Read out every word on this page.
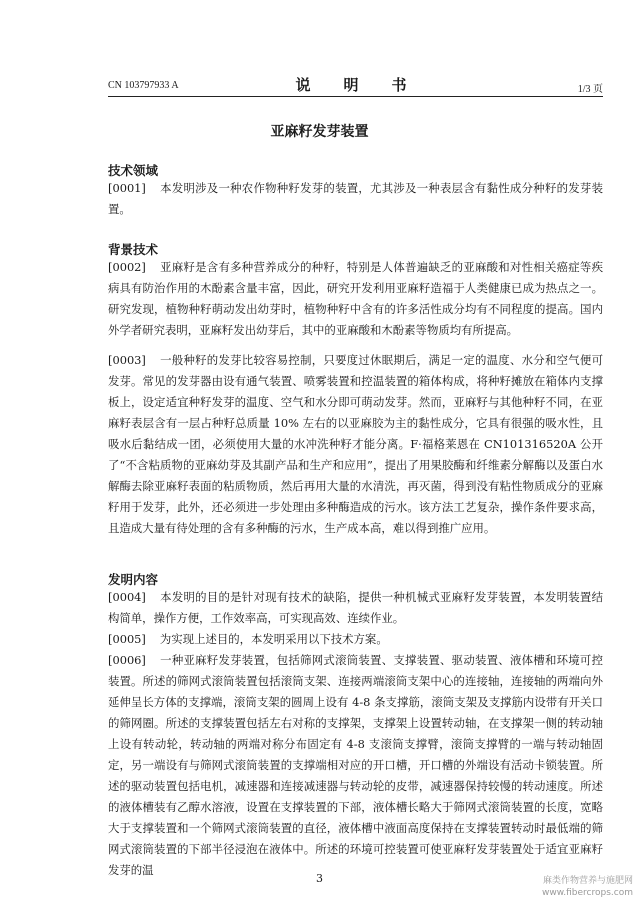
CN 103797933 A	说　明　书	1/3 页
亚麻籽发芽装置
技术领域
[0001] 本发明涉及一种农作物种籽发芽的装置，尤其涉及一种表层含有黏性成分种籽的发芽装置。
背景技术
[0002] 亚麻籽是含有多种营养成分的种籽，特别是人体普遍缺乏的亚麻酸和对性相关癌症等疾病具有防治作用的木酚素含量丰富，因此，研究开发利用亚麻籽造福于人类健康已成为热点之一。研究发现，植物种籽萌动发出幼芽时，植物种籽中含有的许多活性成分均有不同程度的提高。国内外学者研究表明，亚麻籽发出幼芽后，其中的亚麻酸和木酚素等物质均有所提高。
[0003] 一般种籽的发芽比较容易控制，只要度过休眠期后，满足一定的温度、水分和空气便可发芽。常见的发芽器由设有通气装置、喷雾装置和控温装置的箱体构成，将种籽摊放在箱体内支撑板上，设定适宜种籽发芽的温度、空气和水分即可萌动发芽。然而，亚麻籽与其他种籽不同，在亚麻籽表层含有一层占种籽总质量 10% 左右的以亚麻胶为主的黏性成分，它具有很强的吸水性，且吸水后黏结成一团，必须使用大量的水冲洗种籽才能分离。F·福格莱恩在 CN101316520A 公开了“不含粘质物的亚麻幼芽及其副产品和生产和应用”，提出了用果胶酶和纤维素分解酶以及蛋白水解酶去除亚麻籽表面的粘质物质，然后再用大量的水清洗，再灭菌，得到没有粘性物质成分的亚麻籽用于发芽，此外，还必须进一步处理由多种酶造成的污水。该方法工艺复杂，操作条件要求高，且造成大量有待处理的含有多种酶的污水，生产成本高，难以得到推广应用。
发明内容
[0004] 本发明的目的是针对现有技术的缺陷，提供一种机械式亚麻籽发芽装置，本发明装置结构简单，操作方便，工作效率高，可实现高效、连续作业。
[0005] 为实现上述目的，本发明采用以下技术方案。
[0006] 一种亚麻籽发芽装置，包括筛网式滚筒装置、支撑装置、驱动装置、液体槽和环境可控装置。所述的筛网式滚筒装置包括滚筒支架、连接两端滚筒支架中心的连接轴，连接轴的两端向外延伸呈长方体的支撑端，滚筒支架的圆周上设有 4-8 条支撑筋，滚筒支架及支撑筋内设带有开关口的筛网圈。所述的支撑装置包括左右对称的支撑架，支撑架上设置转动轴，在支撑架一侧的转动轴上设有转动轮，转动轴的两端对称分布固定有 4-8 支滚筒支撑臂，滚筒支撑臂的一端与转动轴固定，另一端设有与筛网式滚筒装置的支撑端相对应的开口槽，开口槽的外端设有活动卡锁装置。所述的驱动装置包括电机，减速器和连接减速器与转动轮的皮带，减速器保持较慢的转动速度。所述的液体槽装有乙醇水溶液，设置在支撑装置的下部，液体槽长略大于筛网式滚筒装置的长度，宽略大于支撑装置和一个筛网式滚筒装置的直径，液体槽中液面高度保持在支撑装置转动时最低端的筛网式滚筒装置的下部半径浸泡在液体中。所述的环境可控装置可使亚麻籽发芽装置处于适宜亚麻籽发芽的温
3	麻类作物营养与施肥网
www.fibercrops.com
